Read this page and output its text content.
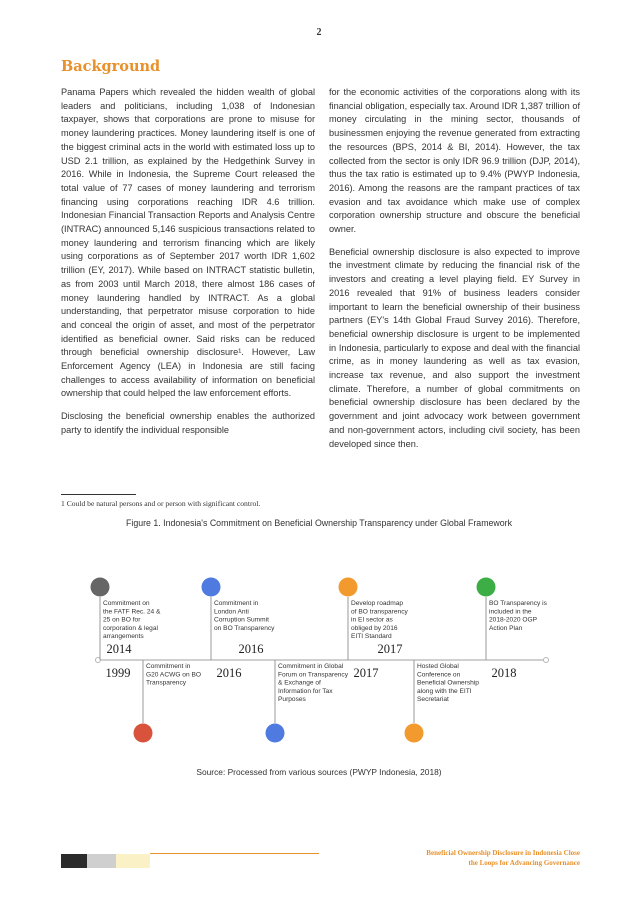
2
Background

Panama Papers which revealed the hidden wealth of global leaders and politicians, including 1,038 of Indonesian taxpayer, shows that corporations are prone to misuse for money laundering practices. Money laundering itself is one of the biggest criminal acts in the world with estimated loss up to USD 2.1 trillion, as explained by the Hedgethink Survey in 2016. While in Indonesia, the Supreme Court released the total value of 77 cases of money laundering and terrorism financing using corporations reaching IDR 4.6 trillion. Indonesian Financial Transaction Reports and Analysis Centre (INTRAC) announced 5,146 suspicious transactions related to money laundering and terrorism financing which are likely using corporations as of September 2017 worth IDR 1,602 trillion (EY, 2017). While based on INTRACT statistic bulletin, as from 2003 until March 2018, there almost 186 cases of money laundering handled by INTRACT. As a global understanding, that perpetrator misuse corporation to hide and conceal the origin of asset, and most of the perpetrator identified as beneficial owner. Said risks can be reduced through beneficial ownership disclosure¹. However, Law Enforcement Agency (LEA) in Indonesia are still facing challenges to access availability of information on beneficial ownership that could helped the law enforcement efforts.

Disclosing the beneficial ownership enables the authorized party to identify the individual responsible

for the economic activities of the corporations along with its financial obligation, especially tax. Around IDR 1,387 trillion of money circulating in the mining sector, thousands of businessmen enjoying the revenue generated from extracting the resources (BPS, 2014 & BI, 2014). However, the tax collected from the sector is only IDR 96.9 trillion (DJP, 2014), thus the tax ratio is estimated up to 9.4% (PWYP Indonesia, 2016). Among the reasons are the rampant practices of tax evasion and tax avoidance which make use of complex corporation ownership structure and obscure the beneficial owner.

Beneficial ownership disclosure is also expected to improve the investment climate by reducing the financial risk of the investors and creating a level playing field. EY Survey in 2016 revealed that 91% of business leaders consider important to learn the beneficial ownership of their business partners (EY's 14th Global Fraud Survey 2016). Therefore, beneficial ownership disclosure is urgent to be implemented in Indonesia, particularly to expose and deal with the financial crime, as in money laundering as well as tax evasion, increase tax revenue, and also support the investment climate. Therefore, a number of global commitments on beneficial ownership disclosure has been declared by the government and joint advocacy work between government and non-government actors, including civil society, has been developed since then.

1 Could be natural persons and or person with significant control.
Figure 1. Indonesia's Commitment on Beneficial Ownership Transparency under Global Framework
1999
Commitment on
the FATF Rec. 24 &
25 on BO for
corporation & legal
arrangements
2014
Commitment in
G20 ACWG on BO
Transparency
2016
Commitment in
London Anti
Corruption Summit
on BO Transparency
2016
Commitment in Global
Forum on Transparency
& Exchange of
Information for Tax
Purposes
2017
Develop roadmap
of BO transparency
in EI sector as
obliged by 2016
EITI Standard
2017
Hosted Global
Conference on
Beneficial Ownership
along with the EITI
Secretariat
2018
BO Transparency is
included in the
2018-2020 OGP
Action Plan
Source: Processed from various sources (PWYP Indonesia, 2018)
Beneficial Ownership Disclosure in Indonesia Close
the Loops for Advancing Governance
